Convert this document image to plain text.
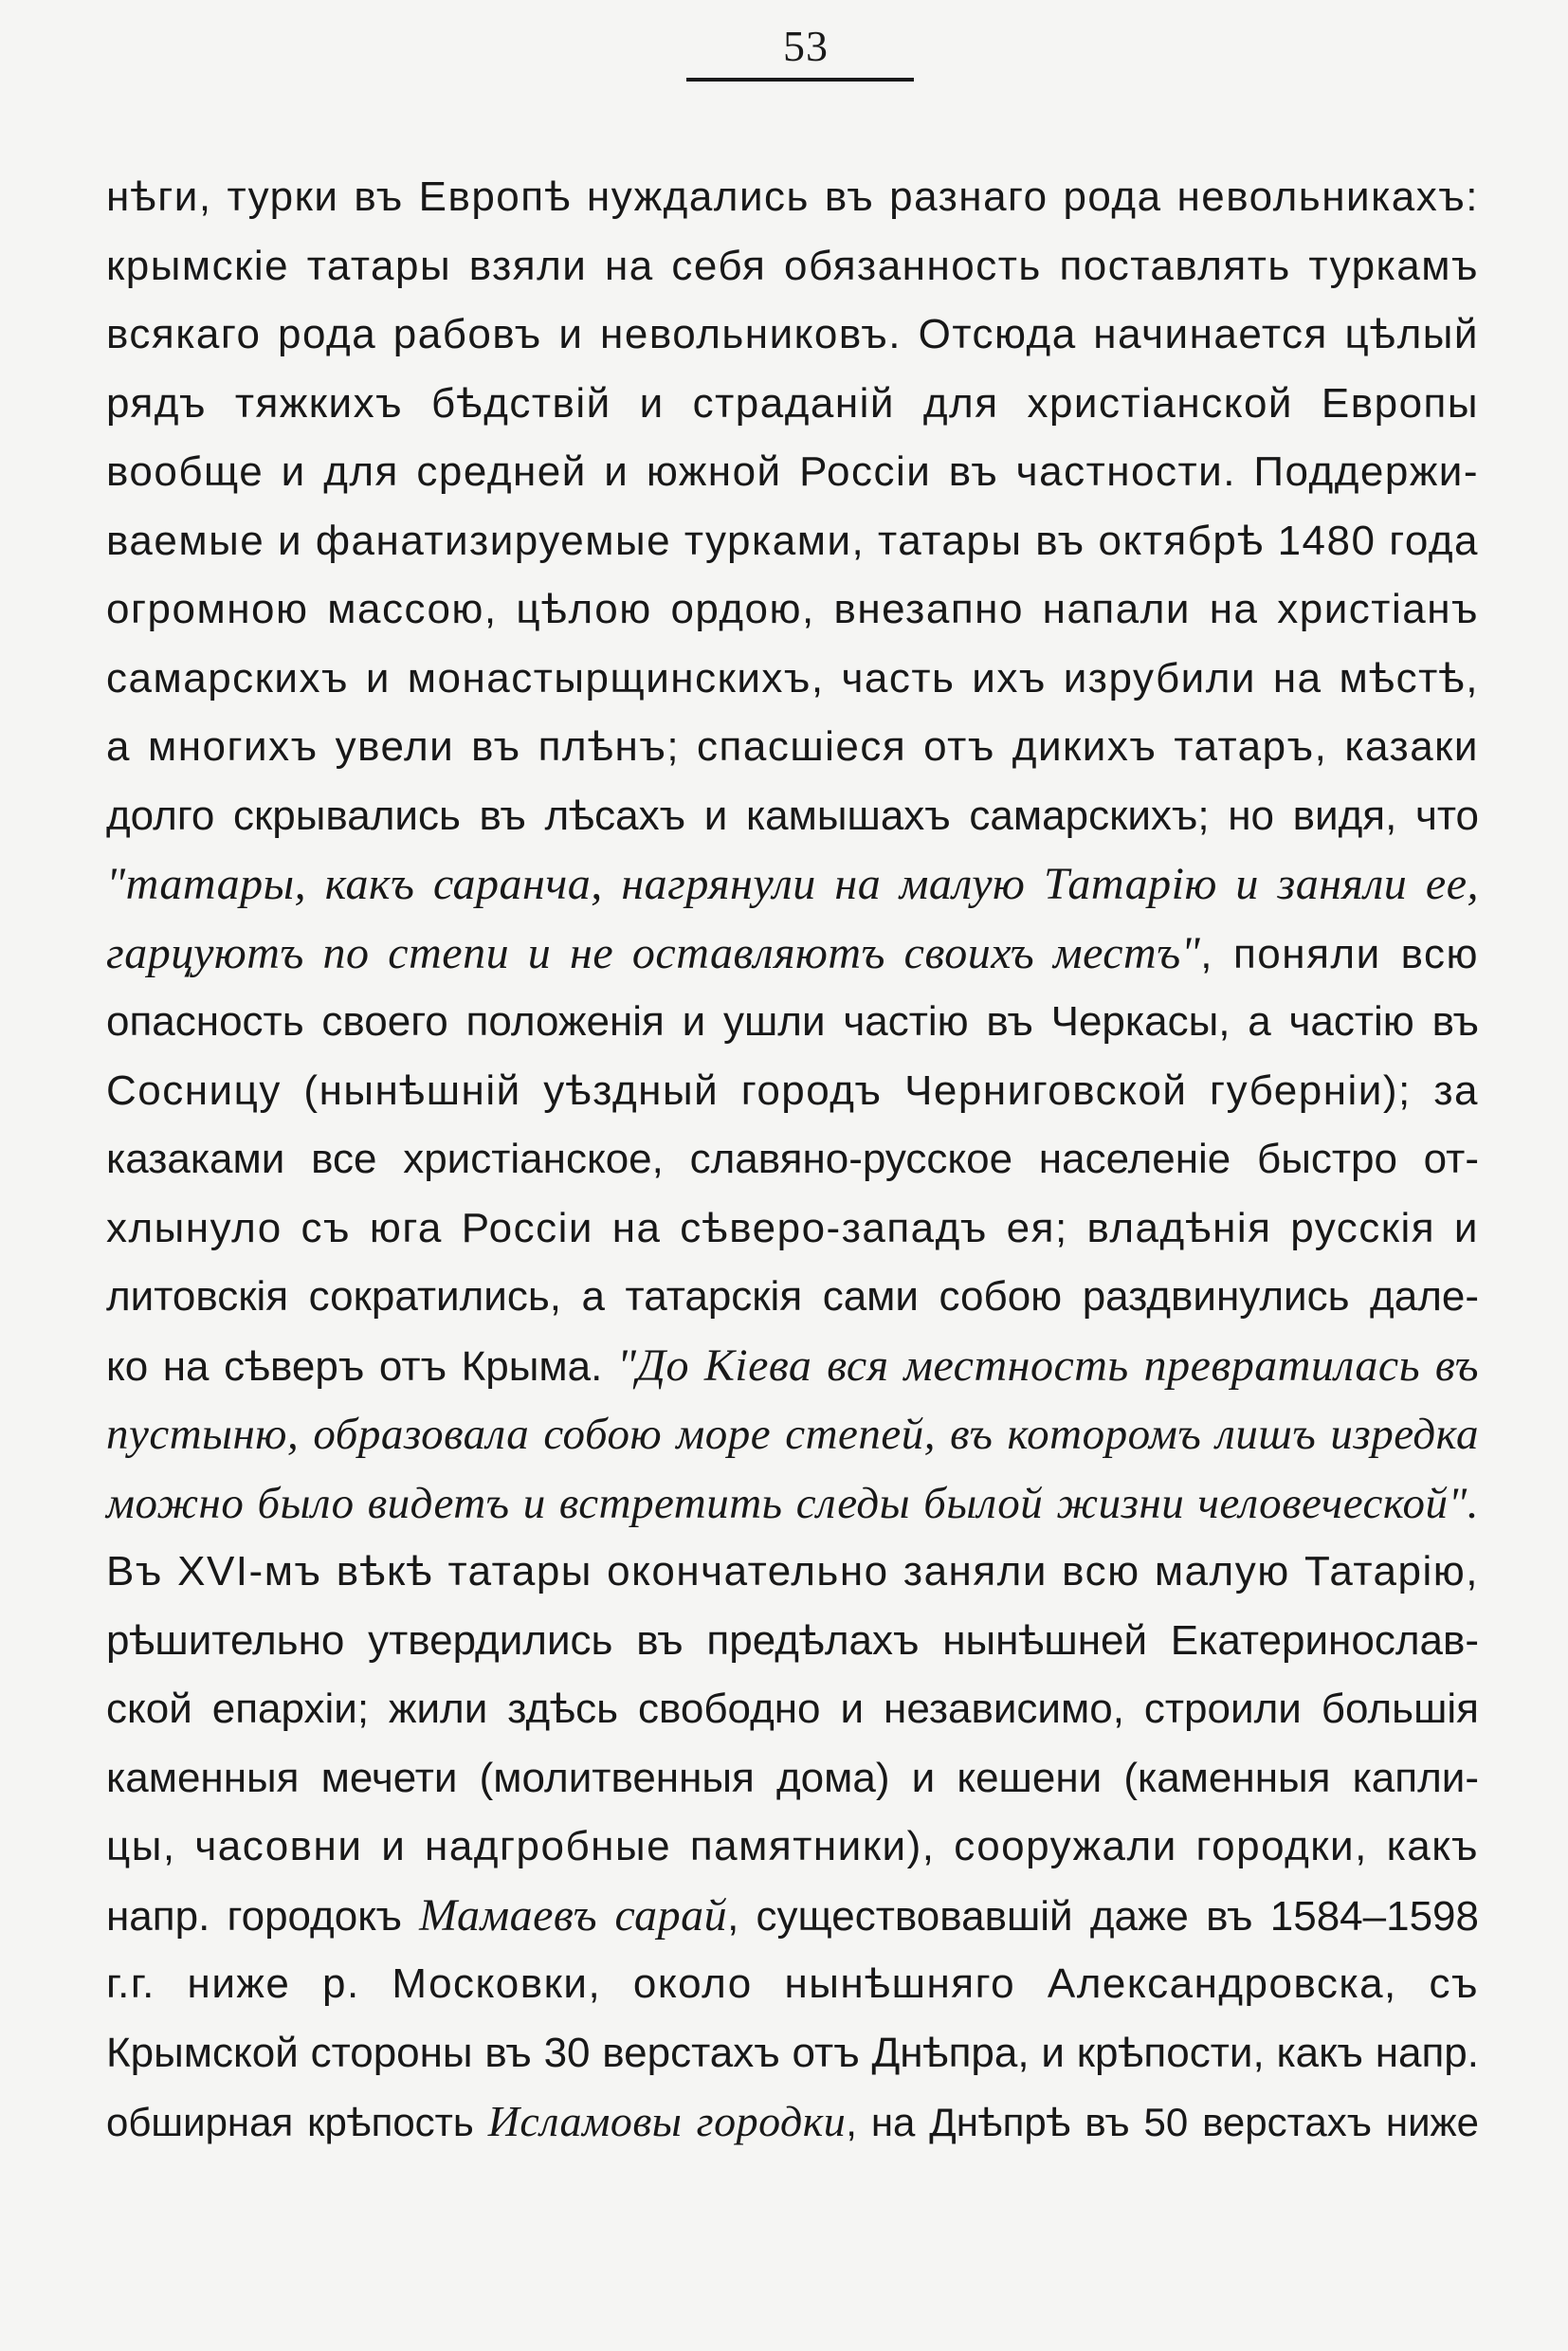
53
нѣги, турки въ Европѣ нуждались въ разнаго рода невольникахъ:
крымскіе татары взяли на себя обязанность поставлять туркамъ
всякаго рода рабовъ и невольниковъ. Отсюда начинается цѣлый
рядъ тяжкихъ бѣдствій и страданій для христіанской Европы
вообще и для средней и южной Россіи въ частности. Поддержи-
ваемые и фанатизируемые турками, татары въ октябрѣ 1480 года
огромною массою, цѣлою ордою, внезапно напали на христіанъ
самарскихъ и монастырщинскихъ, часть ихъ изрубили на мѣстѣ,
а многихъ увели въ плѣнъ; спасшіеся отъ дикихъ татаръ, казаки
долго скрывались въ лѣсахъ и камышахъ самарскихъ; но видя, что
"татары, какъ саранча, нагрянули на малую Татарію и заняли ее,
гарцуютъ по степи и не оставляютъ своихъ местъ", поняли всю
опасность своего положенія и ушли частію въ Черкасы, а частію въ
Сосницу (нынѣшній уѣздный городъ Черниговской губерніи); за
казаками все христіанское, славяно-русское населеніе быстро от-
хлынуло съ юга Россіи на сѣверо-западъ ея; владѣнія русскія и
литовскія сократились, а татарскія сами собою раздвинулись дале-
ко на сѣверъ отъ Крыма. "До Кіева вся местность превратилась въ
пустыню, образовала собою море степей, въ которомъ лишъ изредка
можно было видетъ и встретить следы былой жизни человеческой".
Въ XVI-мъ вѣкѣ татары окончательно заняли всю малую Татарію,
рѣшительно утвердились въ предѣлахъ нынѣшней Екатеринослав-
ской епархіи; жили здѣсь свободно и независимо, строили большія
каменныя мечети (молитвенныя дома) и кешени (каменныя капли-
цы, часовни и надгробные памятники), сооружали городки, какъ
напр. городокъ Мамаевъ сарай, существовавшій даже въ 1584–1598
г.г. ниже р. Московки, около нынѣшняго Александровска, съ
Крымской стороны въ 30 верстахъ отъ Днѣпра, и крѣпости, какъ напр.
обширная крѣпость Исламовы городки, на Днѣпрѣ въ 50 верстахъ ниже
